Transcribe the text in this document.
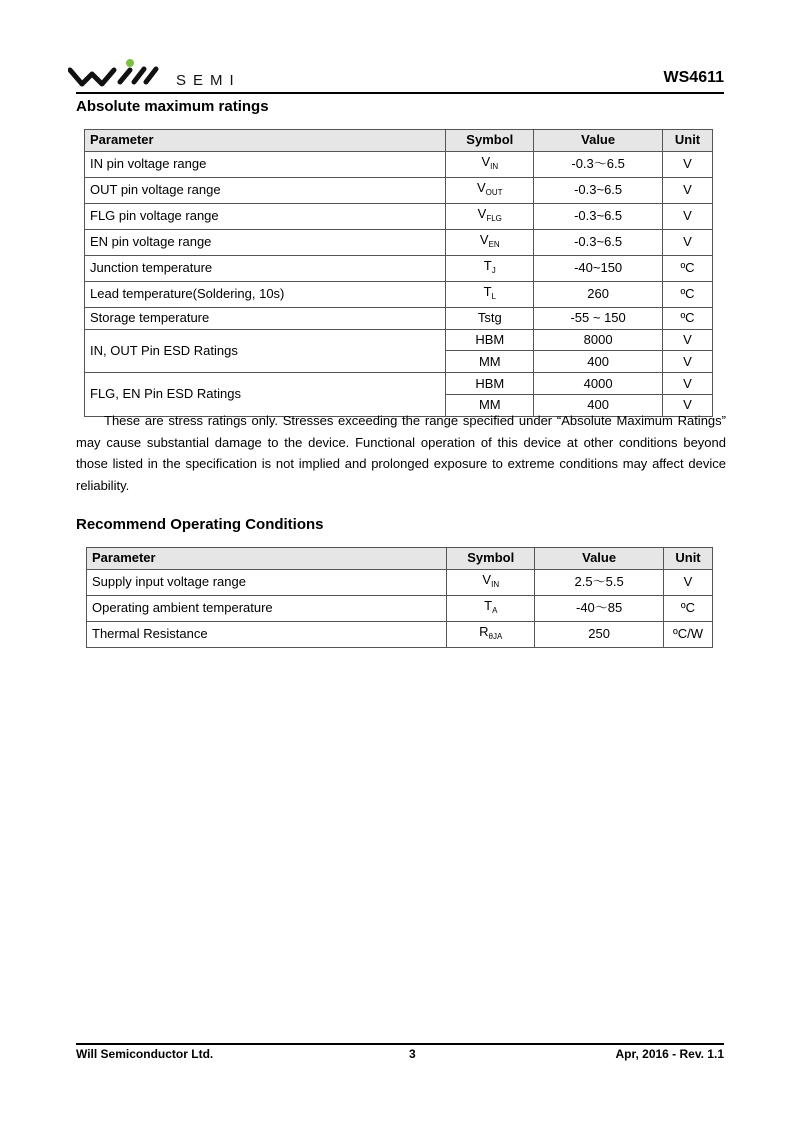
SEMI	WS4611
Absolute maximum ratings
Parameter	Symbol	Value	Unit
IN pin voltage range	$V_{IN}$	-0.3～6.5	V
OUT pin voltage range	$V_{OUT}$	-0.3~6.5	V
FLG pin voltage range	$V_{FLG}$	-0.3~6.5	V
EN pin voltage range	$V_{EN}$	-0.3~6.5	V
Junction temperature	$T_J$	-40~150	ºC
Lead temperature(Soldering, 10s)	$T_L$	260	ºC
Storage temperature	Tstg	-55 ~ 150	ºC
IN, OUT Pin ESD Ratings	HBM	8000	V
	MM	400	V
FLG, EN Pin ESD Ratings	HBM	4000	V
	MM	400	V

These are stress ratings only. Stresses exceeding the range specified under “Absolute Maximum Ratings” may cause substantial damage to the device. Functional operation of this device at other conditions beyond those listed in the specification is not implied and prolonged exposure to extreme conditions may affect device reliability.

Recommend Operating Conditions
Parameter	Symbol	Value	Unit
Supply input voltage range	$V_{IN}$	2.5～5.5	V
Operating ambient temperature	$T_A$	-40～85	ºC
Thermal Resistance	$R_{\theta JA}$	250	ºC/W
Will Semiconductor Ltd.	3	Apr, 2016 - Rev. 1.1
